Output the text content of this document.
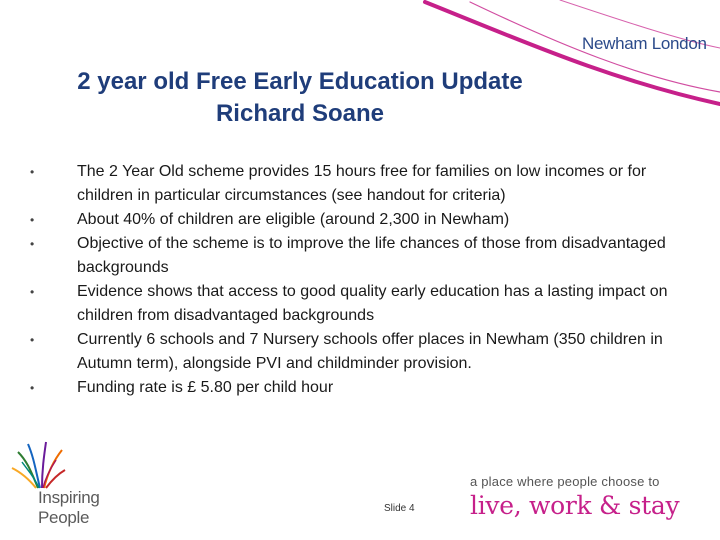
Newham London
2 year old Free Early Education Update
Richard Soane
•	The 2 Year Old scheme provides 15 hours free for families on low incomes or for children in particular circumstances (see handout for criteria)
•	About 40% of children are eligible (around 2,300 in Newham)
•	Objective of the scheme is to improve the life chances of those from disadvantaged backgrounds
•	Evidence shows that access to good quality early education has a lasting impact on children from disadvantaged backgrounds
•	Currently 6 schools and 7 Nursery schools offer places in Newham (350 children in Autumn term), alongside PVI and childminder provision.
•	Funding rate is £ 5.80 per child hour
Inspiring
People	Slide 4
a place where people choose to
live, work & stay
